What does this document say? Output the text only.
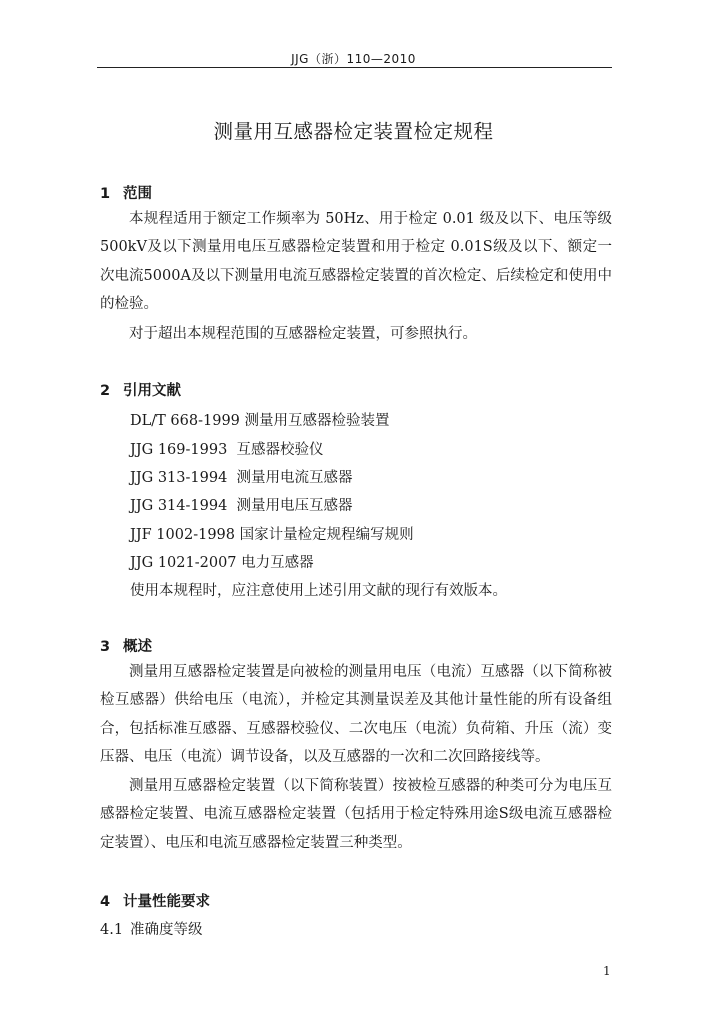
JJG（浙）110—2010
测量用互感器检定装置检定规程
1 范围

本规程适用于额定工作频率为 50Hz、用于检定 0.01 级及以下、电压等级500kV及以下测量用电压互感器检定装置和用于检定 0.01S级及以下、额定一次电流5000A及以下测量用电流互感器检定装置的首次检定、后续检定和使用中的检验。

对于超出本规程范围的互感器检定装置，可参照执行。

2 引用文献
DL/T 668-1999 测量用互感器检验装置
JJG 169-1993  互感器校验仪
JJG 313-1994  测量用电流互感器
JJG 314-1994  测量用电压互感器
JJF 1002-1998 国家计量检定规程编写规则
JJG 1021-2007 电力互感器
使用本规程时，应注意使用上述引用文献的现行有效版本。
3 概述

测量用互感器检定装置是向被检的测量用电压（电流）互感器（以下简称被检互感器）供给电压（电流），并检定其测量误差及其他计量性能的所有设备组合，包括标准互感器、互感器校验仪、二次电压（电流）负荷箱、升压（流）变压器、电压（电流）调节设备，以及互感器的一次和二次回路接线等。

测量用互感器检定装置（以下简称装置）按被检互感器的种类可分为电压互感器检定装置、电流互感器检定装置（包括用于检定特殊用途S级电流互感器检定装置）、电压和电流互感器检定装置三种类型。

4 计量性能要求
4.1 准确度等级
1
